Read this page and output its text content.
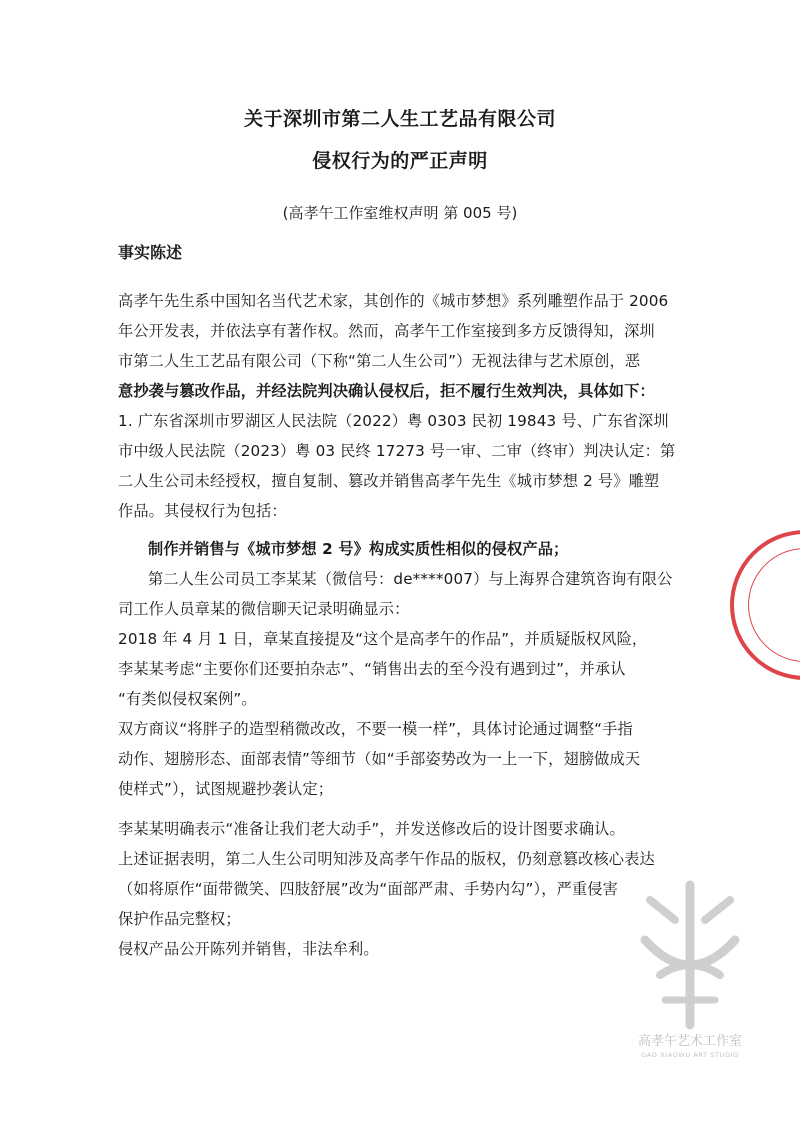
关于深圳市第二人生工艺品有限公司
侵权行为的严正声明
(高孝午工作室维权声明 第 005 号)
事实陈述
高孝午先生系中国知名当代艺术家，其创作的《城市梦想》系列雕塑作品于 2006
年公开发表，并依法享有著作权。然而，高孝午工作室接到多方反馈得知，深圳
市第二人生工艺品有限公司（下称“第二人生公司”）无视法律与艺术原创，恶
意抄袭与篡改作品，并经法院判决确认侵权后，拒不履行生效判决，具体如下：
1. 广东省深圳市罗湖区人民法院（2022）粤 0303 民初 19843 号、广东省深圳
市中级人民法院（2023）粤 03 民终 17273 号一审、二审（终审）判决认定：第
二人生公司未经授权，擅自复制、篡改并销售高孝午先生《城市梦想 2 号》雕塑
作品。其侵权行为包括：
制作并销售与《城市梦想 2 号》构成实质性相似的侵权产品；
第二人生公司员工李某某（微信号：de****007）与上海界合建筑咨询有限公
司工作人员章某的微信聊天记录明确显示：
2018 年 4 月 1 日，章某直接提及“这个是高孝午的作品”，并质疑版权风险，
李某某考虑“主要你们还要拍杂志”、“销售出去的至今没有遇到过”，并承认
“有类似侵权案例”。
双方商议“将胖子的造型稍微改改，不要一模一样”，具体讨论通过调整“手指
动作、翅膀形态、面部表情”等细节（如“手部姿势改为一上一下，翅膀做成天
使样式”），试图规避抄袭认定；
李某某明确表示“准备让我们老大动手”，并发送修改后的设计图要求确认。
上述证据表明，第二人生公司明知涉及高孝午作品的版权，仍刻意篡改核心表达
（如将原作“面带微笑、四肢舒展”改为“面部严肃、手势内勾”），严重侵害
保护作品完整权；
侵权产品公开陈列并销售，非法牟利。
高孝午艺术工作室
GAO XIAOWU ART STUDIO
